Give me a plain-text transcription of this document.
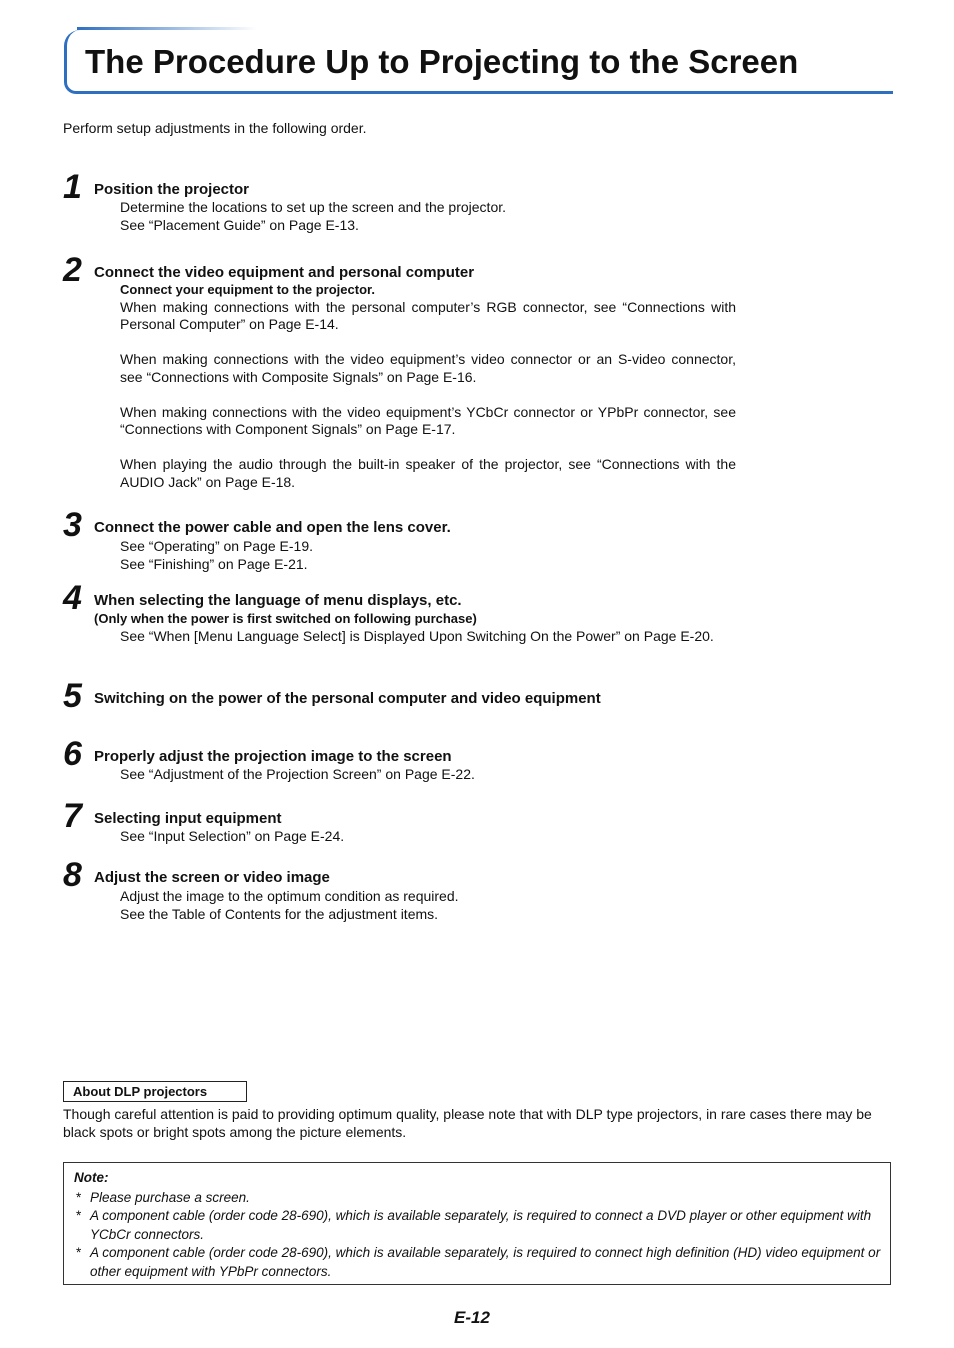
The Procedure Up to Projecting to the Screen

Perform setup adjustments in the following order.

1 Position the projector

Determine the locations to set up the screen and the projector.

See “Placement Guide” on Page E-13.

2 Connect the video equipment and personal computer

Connect your equipment to the projector.

When making connections with the personal computer’s RGB connector, see “Connections with Personal Computer” on Page E-14.

When making connections with the video equipment’s video connector or an S-video connector, see “Connections with Composite Signals” on Page E-16.

When making connections with the video equipment’s YCbCr connector or YPbPr connector, see “Connections with Component Signals” on Page E-17.

When playing the audio through the built-in speaker of the projector, see “Connections with the AUDIO Jack” on Page E-18.

3 Connect the power cable and open the lens cover.

See “Operating” on Page E-19.

See “Finishing” on Page E-21.

4 When selecting the language of menu displays, etc.

(Only when the power is first switched on following purchase)

See “When [Menu Language Select] is Displayed Upon Switching On the Power” on Page E-20.

5 Switching on the power of the personal computer and video equipment

6 Properly adjust the projection image to the screen

See “Adjustment of the Projection Screen” on Page E-22.

7 Selecting input equipment

See “Input Selection” on Page E-24.

8 Adjust the screen or video image

Adjust the image to the optimum condition as required.

See the Table of Contents for the adjustment items.

About DLP projectors

Though careful attention is paid to providing optimum quality, please note that with DLP type projectors, in rare cases there may be black spots or bright spots among the picture elements.

Note:

* Please purchase a screen.

* A component cable (order code 28-690), which is available separately, is required to connect a DVD player or other equipment with YCbCr connectors.

* A component cable (order code 28-690), which is available separately, is required to connect high definition (HD) video equipment or other equipment with YPbPr connectors.

E-12
